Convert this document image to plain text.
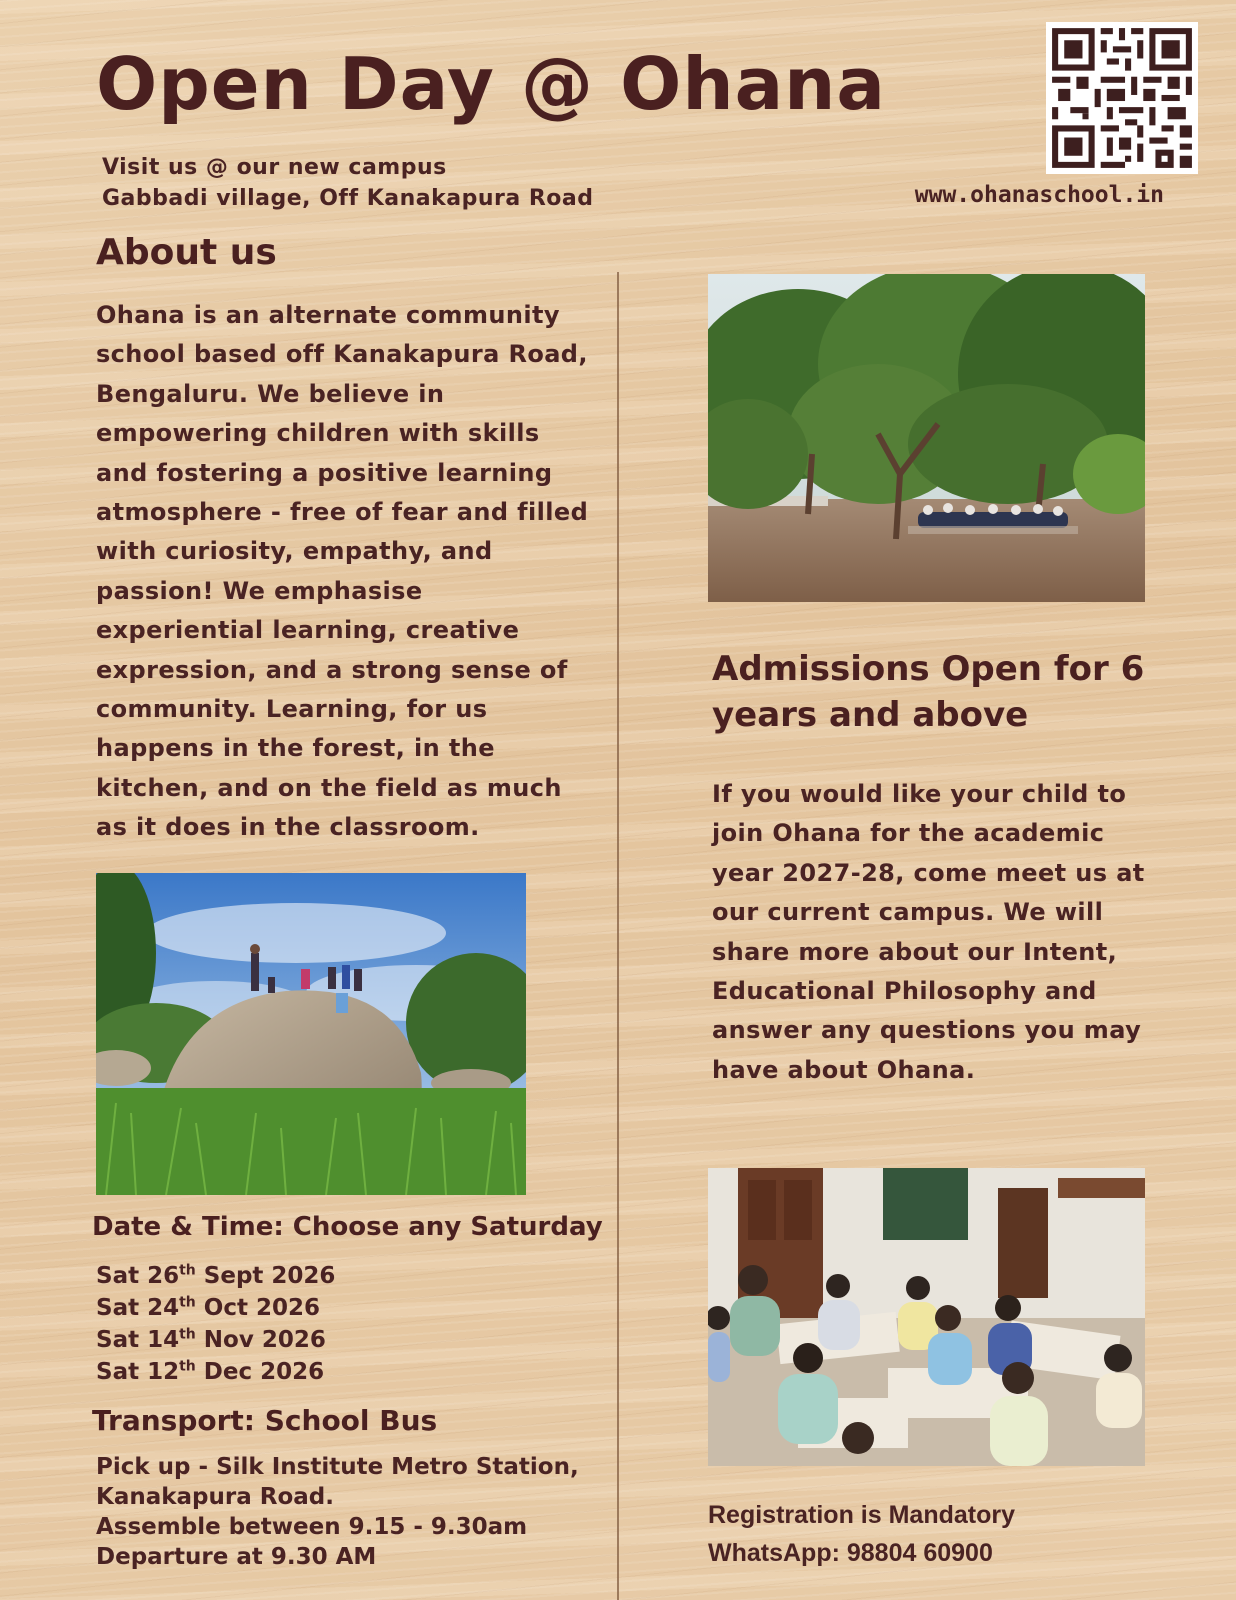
Open Day @ Ohana
Visit us @ our new campus
Gabbadi village, Off Kanakapura Road	www.ohanaschool.in
About us
Ohana is an alternate community school based off Kanakapura Road, Bengaluru. We believe in empowering children with skills and fostering a positive learning atmosphere - free of fear and filled with curiosity, empathy, and passion! We emphasise experiential learning, creative expression, and a strong sense of community. Learning, for us happens in the forest, in the kitchen, and on the field as much as it does in the classroom.
Admissions Open for 6 years and above
If you would like your child to join Ohana for the academic year 2027-28, come meet us at our current campus. We will share more about our Intent, Educational Philosophy and answer any questions you may have about Ohana.
Date & Time: Choose any Saturday
Sat 26th Sept 2026
Sat 24th Oct 2026
Sat 14th Nov 2026
Sat 12th Dec 2026
Transport: School Bus
Pick up - Silk Institute Metro Station,
Kanakapura Road.
Assemble between 9.15 - 9.30am
Departure at 9.30 AM
Registration is Mandatory
WhatsApp: 98804 60900
